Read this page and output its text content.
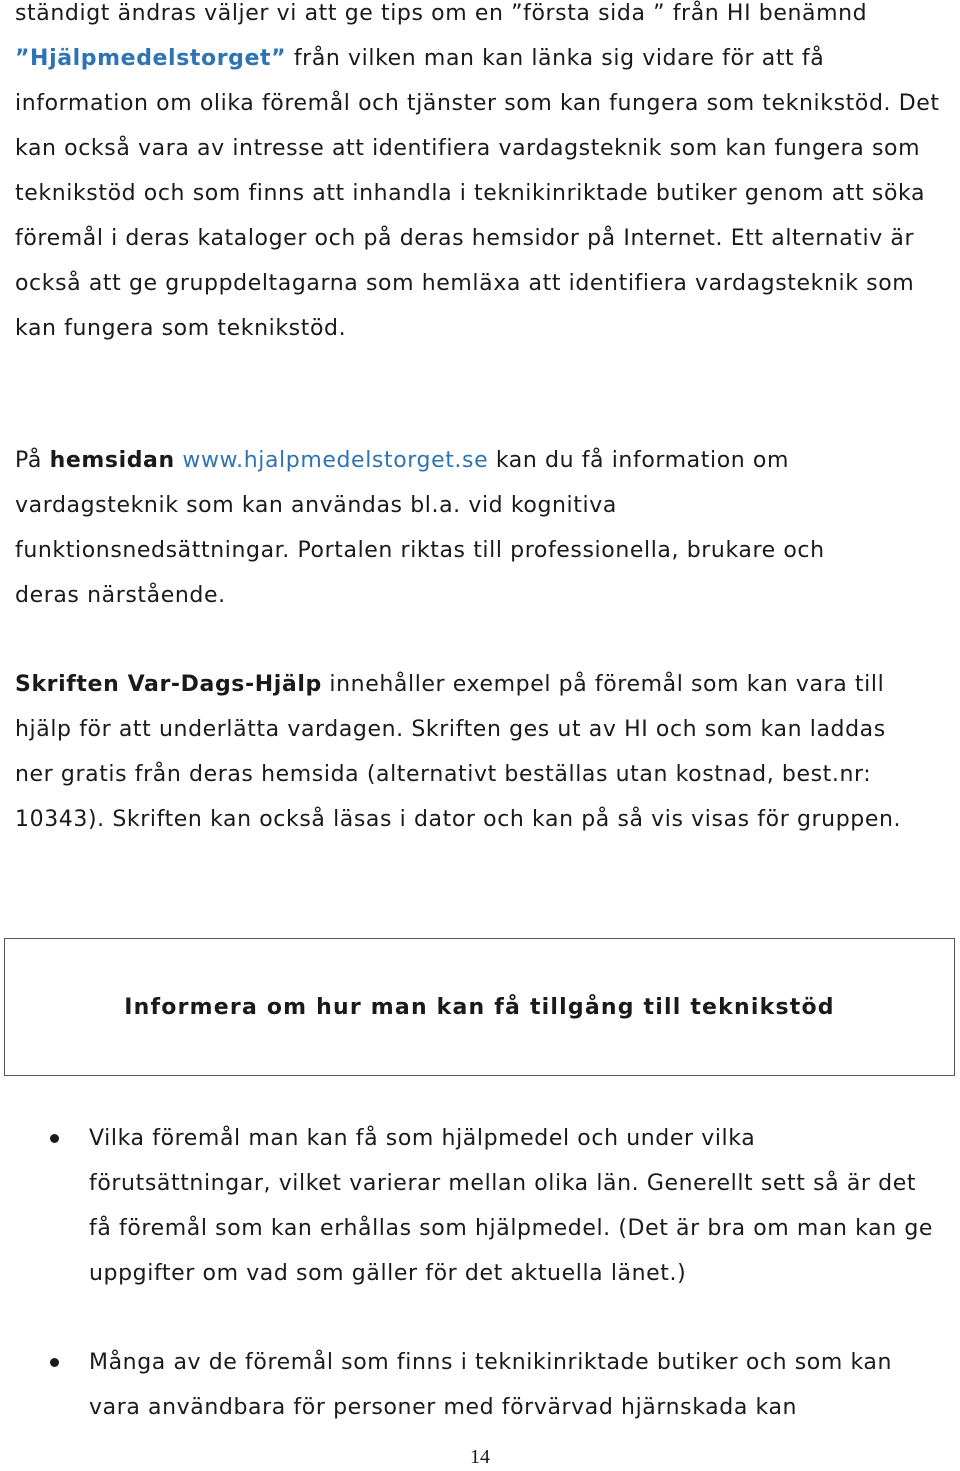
ständigt ändras väljer vi att ge tips om en ”första sida ” från HI benämnd ”Hjälpmedelstorget” från vilken man kan länka sig vidare för att få information om olika föremål och tjänster som kan fungera som teknikstöd. Det kan också vara av intresse att identifiera vardagsteknik som kan fungera som teknikstöd och som finns att inhandla i teknikinriktade butiker genom att söka föremål i deras kataloger och på deras hemsidor på Internet. Ett alternativ är också att ge gruppdeltagarna som hemläxa att identifiera vardagsteknik som kan fungera som teknikstöd.

På hemsidan www.hjalpmedelstorget.se kan du få information om vardagsteknik som kan användas bl.a. vid kognitiva funktionsnedsättningar. Portalen riktas till professionella, brukare och deras närstående.

Skriften Var-Dags-Hjälp innehåller exempel på föremål som kan vara till hjälp för att underlätta vardagen. Skriften ges ut av HI och som kan laddas ner gratis från deras hemsida (alternativt beställas utan kostnad, best.nr: 10343). Skriften kan också läsas i dator och kan på så vis visas för gruppen.

Informera om hur man kan få tillgång till teknikstöd

Vilka föremål man kan få som hjälpmedel och under vilka förutsättningar, vilket varierar mellan olika län. Generellt sett så är det få föremål som kan erhållas som hjälpmedel. (Det är bra om man kan ge uppgifter om vad som gäller för det aktuella länet.)

Många av de föremål som finns i teknikinriktade butiker och som kan vara användbara för personer med förvärvad hjärnskada kan

14
